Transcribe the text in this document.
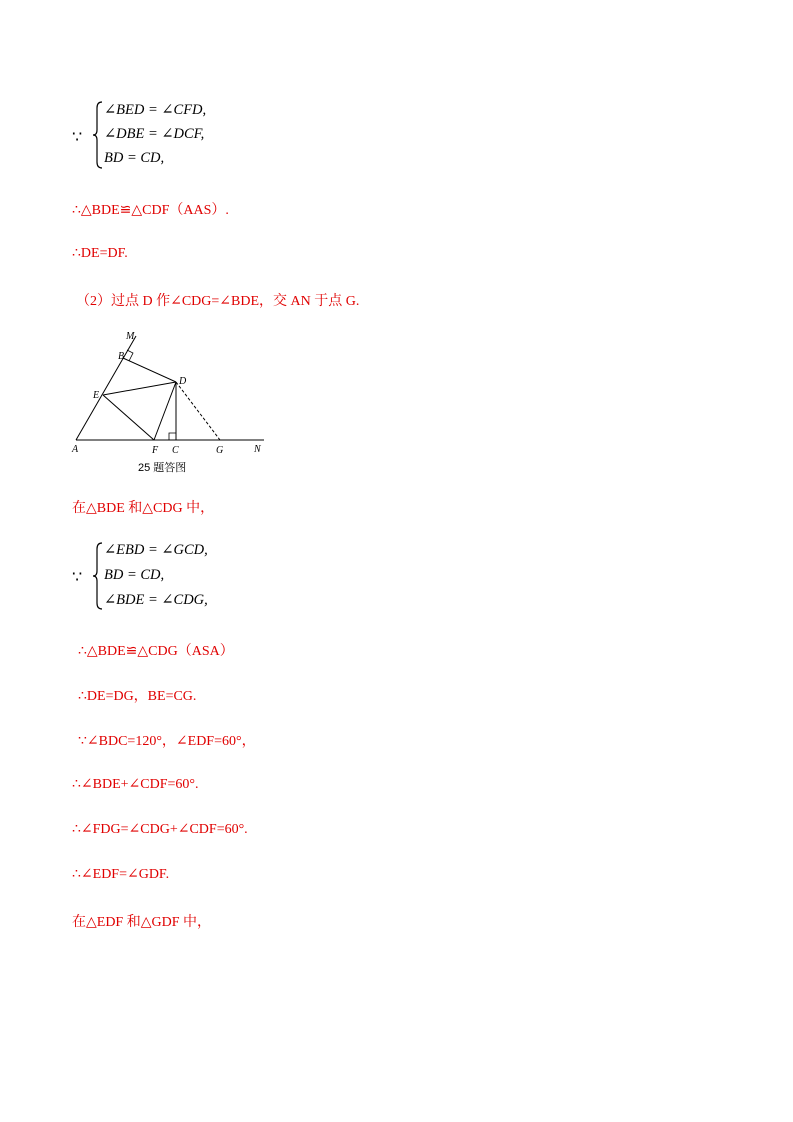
∵
∠BED = ∠CFD,
∠DBE = ∠DCF,
BD = CD,
∴△BDE≌△CDF（AAS）.
∴DE=DF.
（2）过点 D 作∠CDG=∠BDE，交 AN 于点 G.
M
B
D
E
A	F C	G	N
25 题答图
在△BDE 和△CDG 中，
∵
∠EBD = ∠GCD,
BD = CD,
∠BDE = ∠CDG,
∴△BDE≌△CDG（ASA）
∴DE=DG，BE=CG.
∵∠BDC=120°，∠EDF=60°，
∴∠BDE+∠CDF=60°.
∴∠FDG=∠CDG+∠CDF=60°.
∴∠EDF=∠GDF.
在△EDF 和△GDF 中，
